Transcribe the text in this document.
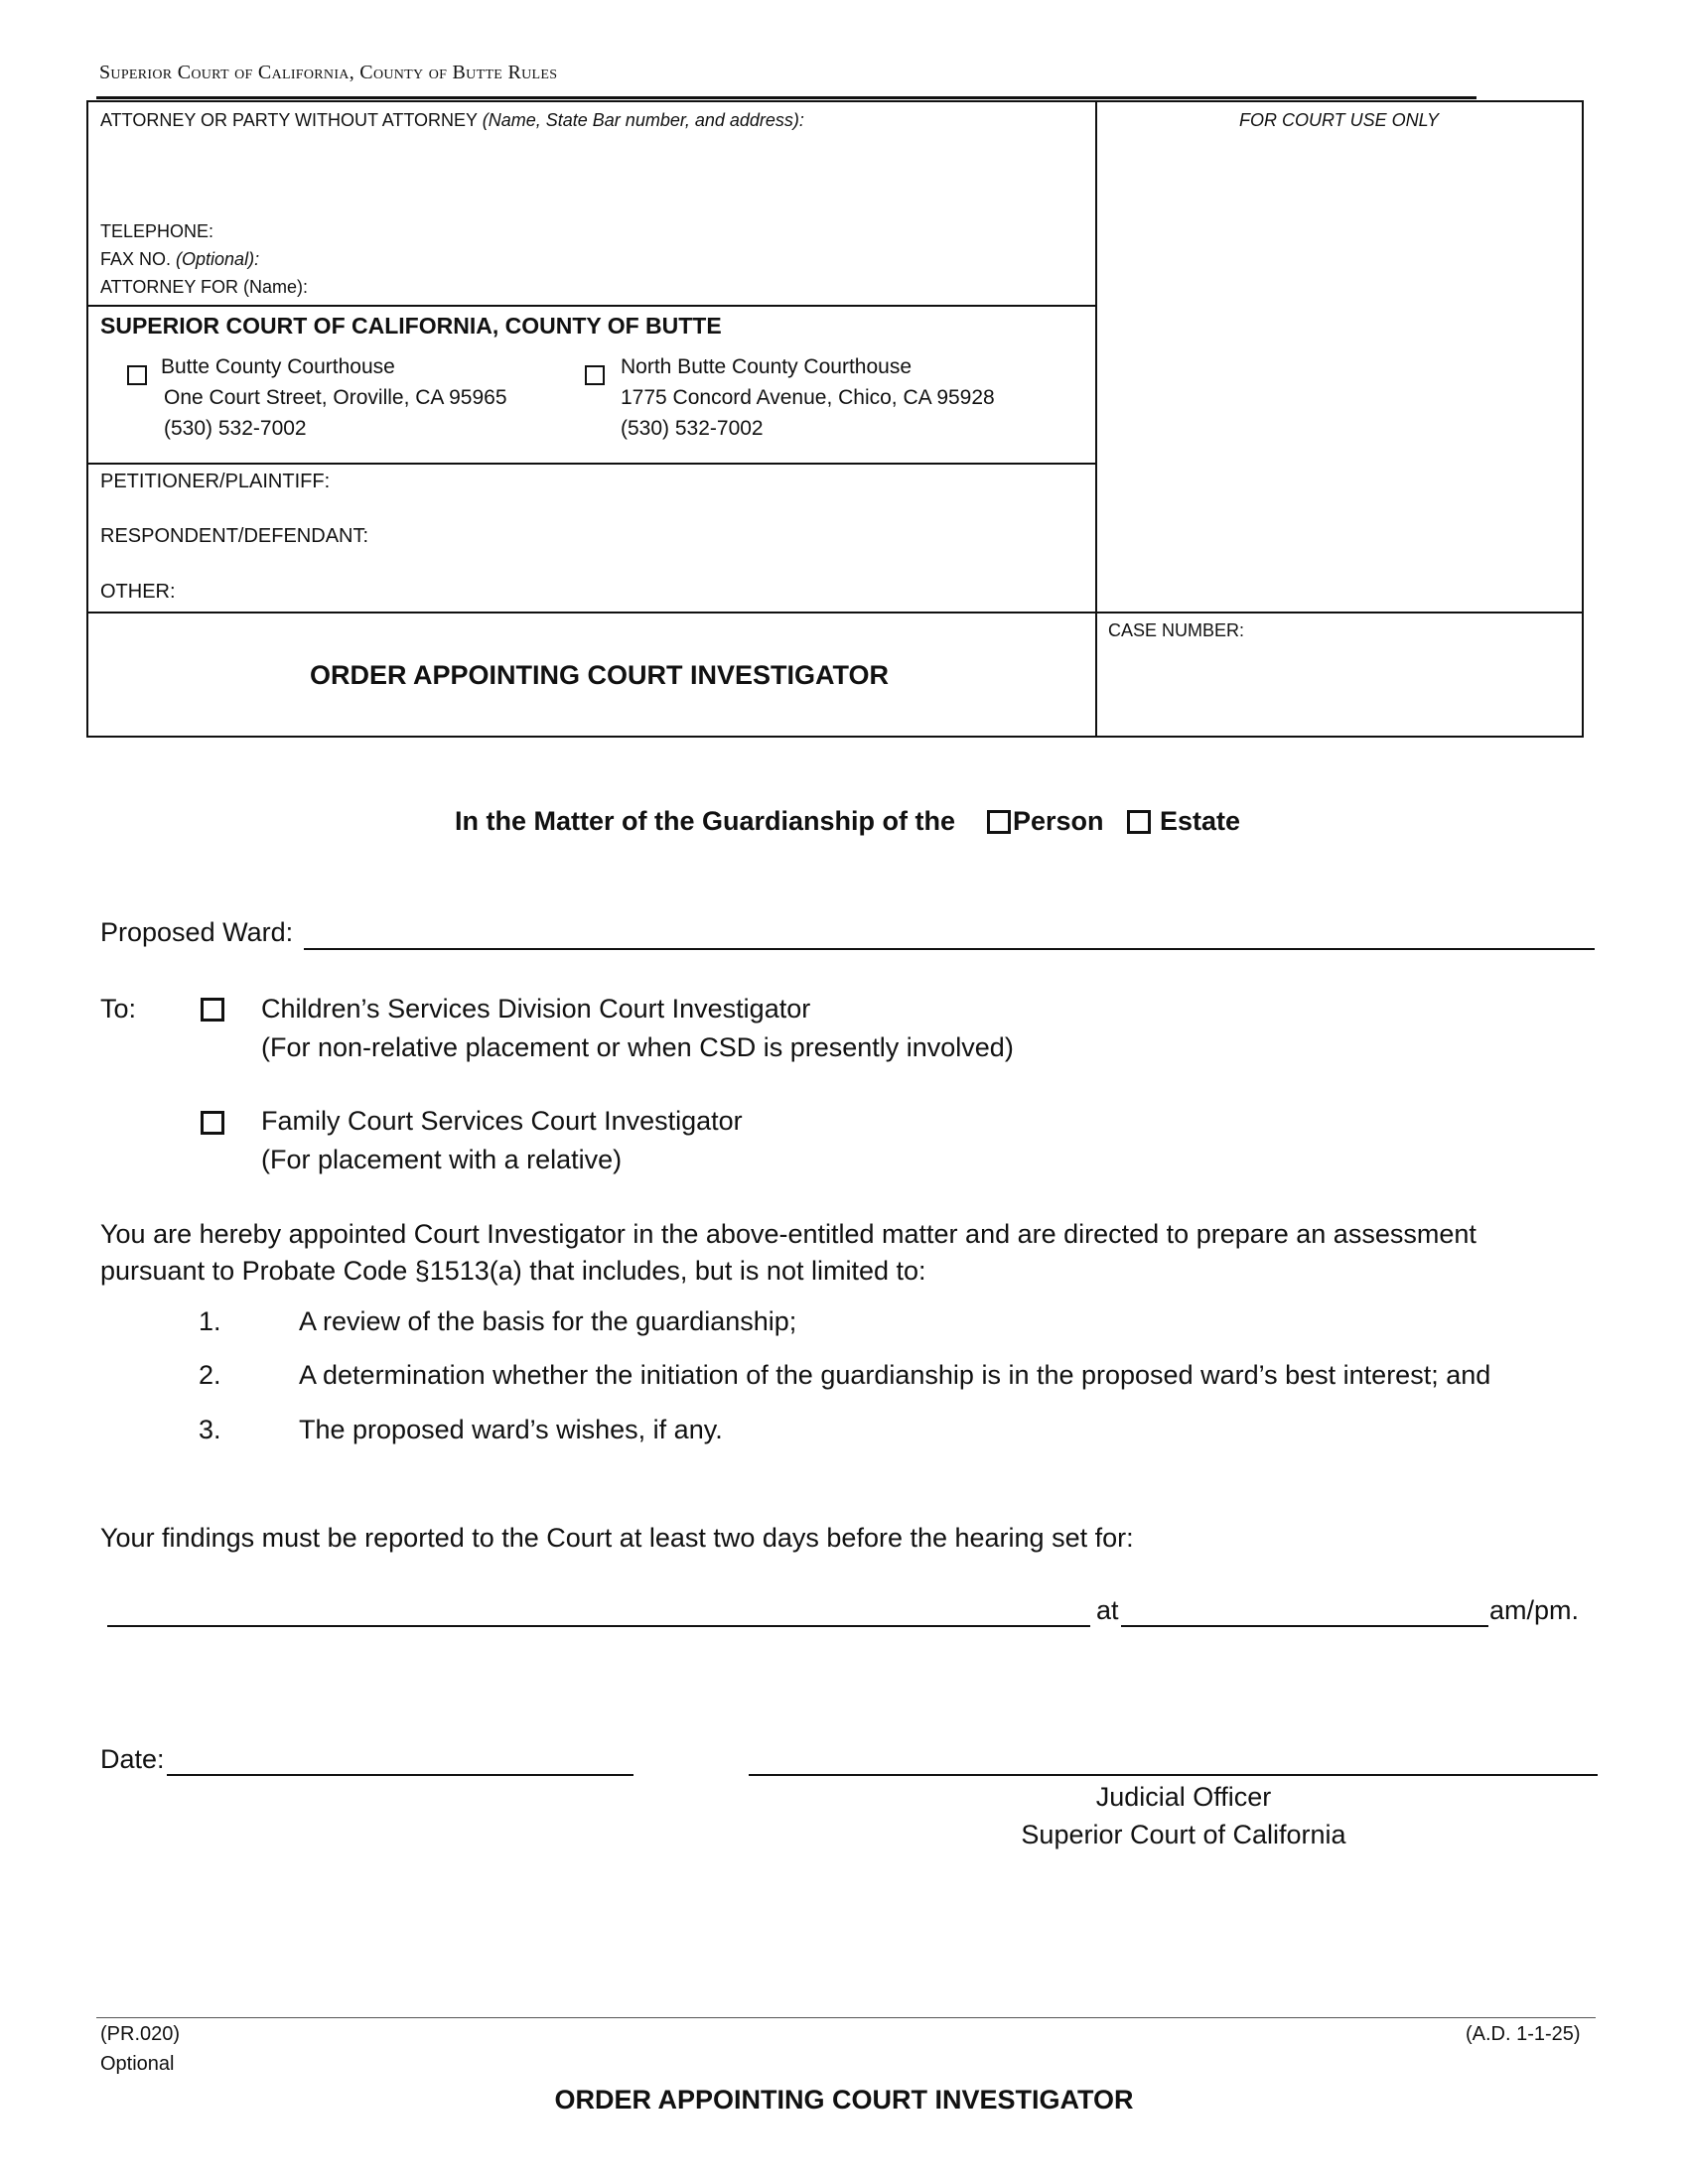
Superior Court of California, County of Butte Rules
ATTORNEY OR PARTY WITHOUT ATTORNEY (Name, State Bar number, and address):	FOR COURT USE ONLY
TELEPHONE:
FAX NO. (Optional):
ATTORNEY FOR (Name):
SUPERIOR COURT OF CALIFORNIA, COUNTY OF BUTTE
Butte County Courthouse
One Court Street, Oroville, CA 95965
(530) 532-7002
North Butte County Courthouse
1775 Concord Avenue, Chico, CA 95928
(530) 532-7002
PETITIONER/PLAINTIFF:
RESPONDENT/DEFENDANT:
OTHER:
ORDER APPOINTING COURT INVESTIGATOR
CASE NUMBER:
In the Matter of the Guardianship of the Person Estate
Proposed Ward:
To:	Children’s Services Division Court Investigator
(For non-relative placement or when CSD is presently involved)
Family Court Services Court Investigator
(For placement with a relative)
You are hereby appointed Court Investigator in the above-entitled matter and are directed to prepare an assessment
pursuant to Probate Code §1513(a) that includes, but is not limited to:
1.	A review of the basis for the guardianship;
2.	A determination whether the initiation of the guardianship is in the proposed ward’s best interest; and
3.	The proposed ward’s wishes, if any.
Your findings must be reported to the Court at least two days before the hearing set for:
at	am/pm.
Date:
Judicial Officer
Superior Court of California
(PR.020)
Optional
(A.D. 1-1-25)
ORDER APPOINTING COURT INVESTIGATOR
